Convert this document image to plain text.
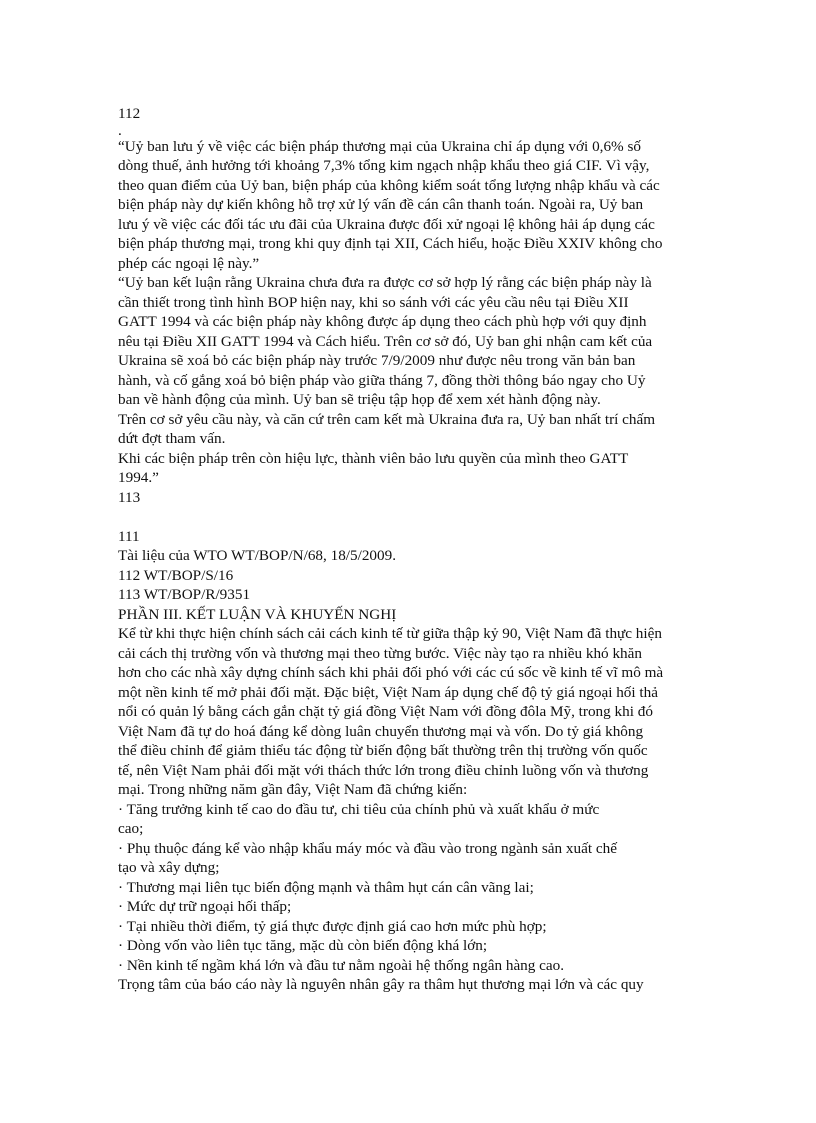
112
.
“Uỷ ban lưu ý về việc các biện pháp thương mại của Ukraina chỉ áp dụng với 0,6% số
dòng thuế, ảnh hưởng tới khoảng 7,3% tổng kim ngạch nhập khẩu theo giá CIF. Vì vậy,
theo quan điểm của Uỷ ban, biện pháp của không kiểm soát tổng lượng nhập khẩu và các
biện pháp này dự kiến không hỗ trợ xử lý vấn đề cán cân thanh toán. Ngoài ra, Uỷ ban
lưu ý về việc các đối tác ưu đãi của Ukraina được đối xử ngoại lệ không hải áp dụng các
biện pháp thương mại, trong khi quy định tại XII, Cách hiểu, hoặc Điều XXIV không cho
phép các ngoại lệ này.”
“Uỷ ban kết luận rằng Ukraina chưa đưa ra được cơ sở hợp lý rằng các biện pháp này là
cần thiết trong tình hình BOP hiện nay, khi so sánh với các yêu cầu nêu tại Điều XII
GATT 1994 và các biện pháp này không được áp dụng theo cách phù hợp với quy định
nêu tại Điều XII GATT 1994 và Cách hiểu. Trên cơ sở đó, Uỷ ban ghi nhận cam kết của
Ukraina sẽ xoá bỏ các biện pháp này trước 7/9/2009 như được nêu trong văn bản ban
hành, và cố gắng xoá bỏ biện pháp vào giữa tháng 7, đồng thời thông báo ngay cho Uỷ
ban về hành động của mình. Uỷ ban sẽ triệu tập họp để xem xét hành động này.
Trên cơ sở yêu cầu này, và căn cứ trên cam kết mà Ukraina đưa ra, Uỷ ban nhất trí chấm
dứt đợt tham vấn.
Khi các biện pháp trên còn hiệu lực, thành viên bảo lưu quyền của mình theo GATT
1994.”
113
111
Tài liệu của WTO WT/BOP/N/68, 18/5/2009.
112 WT/BOP/S/16
113 WT/BOP/R/9351
PHẦN III. KẾT LUẬN VÀ KHUYẾN NGHỊ
Kể từ khi thực hiện chính sách cải cách kinh tế từ giữa thập kỷ 90, Việt Nam đã thực hiện
cải cách thị trường vốn và thương mại theo từng bước. Việc này tạo ra nhiều khó khăn
hơn cho các nhà xây dựng chính sách khi phải đối phó với các cú sốc về kinh tế vĩ mô mà
một nền kinh tế mở phải đối mặt. Đặc biệt, Việt Nam áp dụng chế độ tỷ giá ngoại hối thả
nổi có quản lý bằng cách gắn chặt tỷ giá đồng Việt Nam với đồng đôla Mỹ, trong khi đó
Việt Nam đã tự do hoá đáng kể dòng luân chuyển thương mại và vốn. Do tỷ giá không
thể điều chỉnh để giảm thiểu tác động từ biến động bất thường trên thị trường vốn quốc
tế, nên Việt Nam phải đối mặt với thách thức lớn trong điều chỉnh luồng vốn và thương
mại. Trong những năm gần đây, Việt Nam đã chứng kiến:
· Tăng trưởng kinh tế cao do đầu tư, chi tiêu của chính phủ và xuất khẩu ở mức
cao;
· Phụ thuộc đáng kể vào nhập khẩu máy móc và đầu vào trong ngành sản xuất chế
tạo và xây dựng;
· Thương mại liên tục biến động mạnh và thâm hụt cán cân vãng lai;
· Mức dự trữ ngoại hối thấp;
· Tại nhiều thời điểm, tỷ giá thực được định giá cao hơn mức phù hợp;
· Dòng vốn vào liên tục tăng, mặc dù còn biến động khá lớn;
· Nền kinh tế ngầm khá lớn và đầu tư nằm ngoài hệ thống ngân hàng cao.
Trọng tâm của báo cáo này là nguyên nhân gây ra thâm hụt thương mại lớn và các quy
